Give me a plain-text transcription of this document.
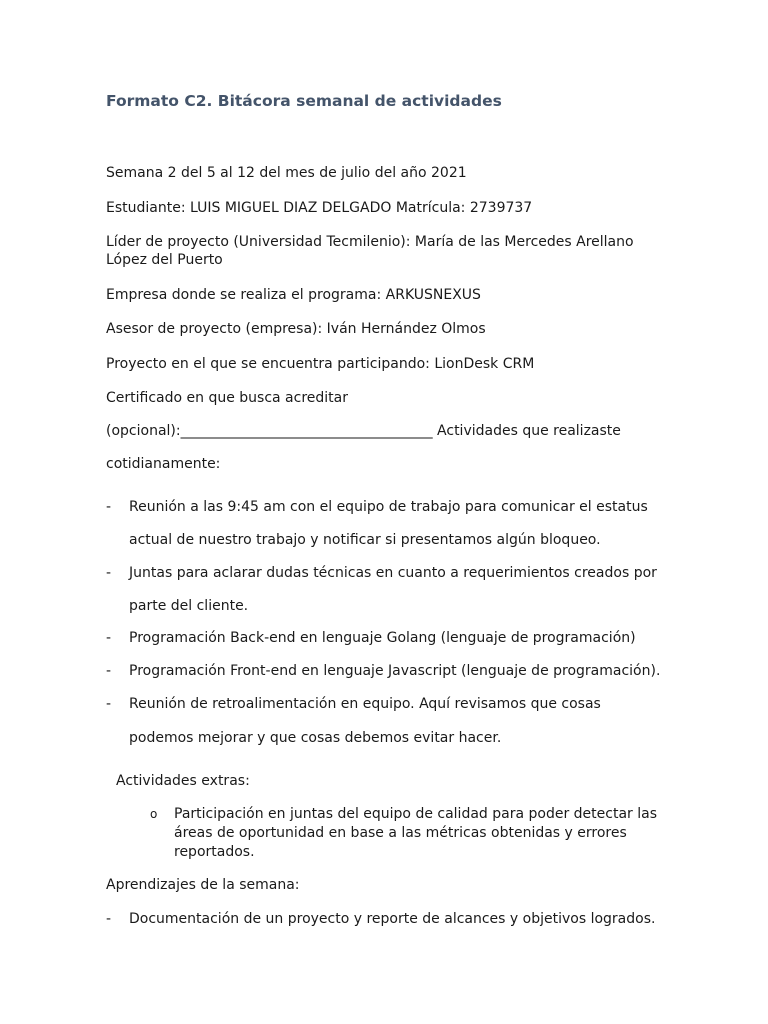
Formato C2. Bitácora semanal de actividades

Semana 2 del 5 al 12 del mes de julio del año 2021

Estudiante: LUIS MIGUEL DIAZ DELGADO Matrícula: 2739737

Líder de proyecto (Universidad Tecmilenio): María de las Mercedes Arellano López del Puerto

Empresa donde se realiza el programa: ARKUSNEXUS

Asesor de proyecto (empresa): Iván Hernández Olmos

Proyecto en el que se encuentra participando: LionDesk CRM

Certificado en que busca acreditar

(opcional):____________________________________ Actividades que realizaste

cotidianamente:

- Reunión a las 9:45 am con el equipo de trabajo para comunicar el estatus
actual de nuestro trabajo y notificar si presentamos algún bloqueo.
- Juntas para aclarar dudas técnicas en cuanto a requerimientos creados por
parte del cliente.
- Programación Back-end en lenguaje Golang (lenguaje de programación)
- Programación Front-end en lenguaje Javascript (lenguaje de programación).
- Reunión de retroalimentación en equipo. Aquí revisamos que cosas
podemos mejorar y que cosas debemos evitar hacer.

Actividades extras:

o Participación en juntas del equipo de calidad para poder detectar las áreas de oportunidad en base a las métricas obtenidas y errores reportados.

Aprendizajes de la semana:

- Documentación de un proyecto y reporte de alcances y objetivos logrados.
